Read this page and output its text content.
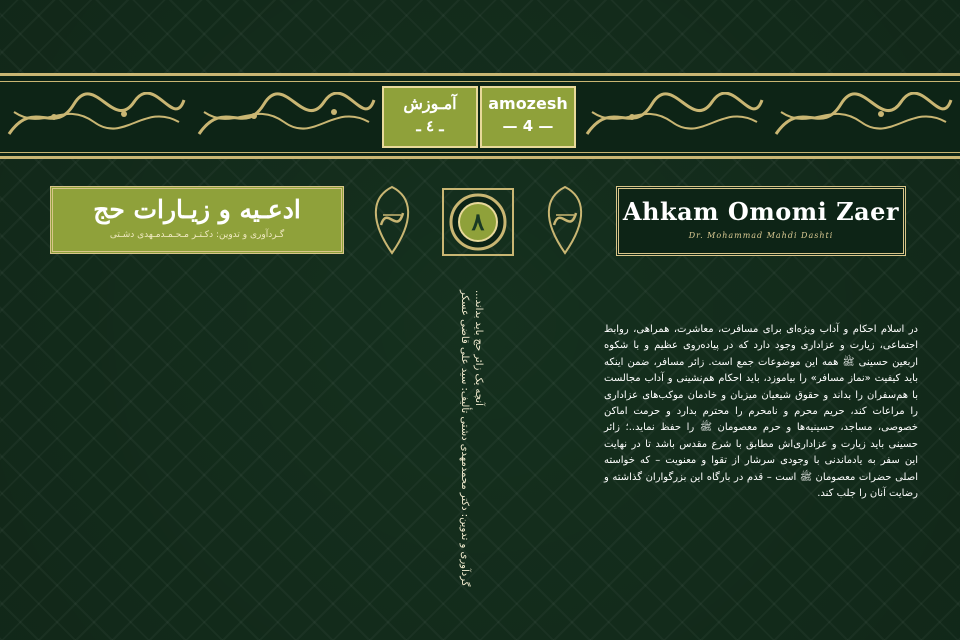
آمـوزش
ـ ٤ ـ
amozesh
— 4 —
ادعـیه و زیـارات حج
گـردآوری و تدوین: دکـتـر مـحـمـدمـهدی دشـتی	۸	Ahkam Omomi Zaer
Dr. Mohammad Mahdi Dashti
آنچه یک زائر حج باید بداند...
گردآوری و تدوین: دکتر محمدمهدی دشتی تألیف: سید علی قاضی عسکر	در اسلام احکام و آداب ویژه‌ای برای مسافرت، معاشرت، همراهی، روابط اجتماعی، زیارت و عزاداری وجود دارد که در پیاده‌روی عظیم و با شکوه اربعین حسینی ﷺ همه این موضوعات جمع است. زائر مسافر، ضمن اینکه باید کیفیت «نماز مسافر» را بیاموزد، باید احکام هم‌نشینی و آداب مجالست با هم‌سفران را بداند و حقوق شیعیان میزبان و خادمان موکب‌های عزاداری را مراعات کند، حریم محرم و نامحرم را محترم بدارد و حرمت اماکن خصوصی، مساجد، حسینیه‌ها و حرم معصومان ﷺ را حفظ نماید..؛ زائر حسینی باید زیارت و عزاداری‌اش مطابق با شرع مقدس باشد تا در نهایت این سفر به یادماندنی با وجودی سرشار از تقوا و معنویت – که خواسته اصلی حضرات معصومان ﷺ است – قدم در بارگاه این بزرگواران گذاشته و رضایت آنان را جلب کند.
